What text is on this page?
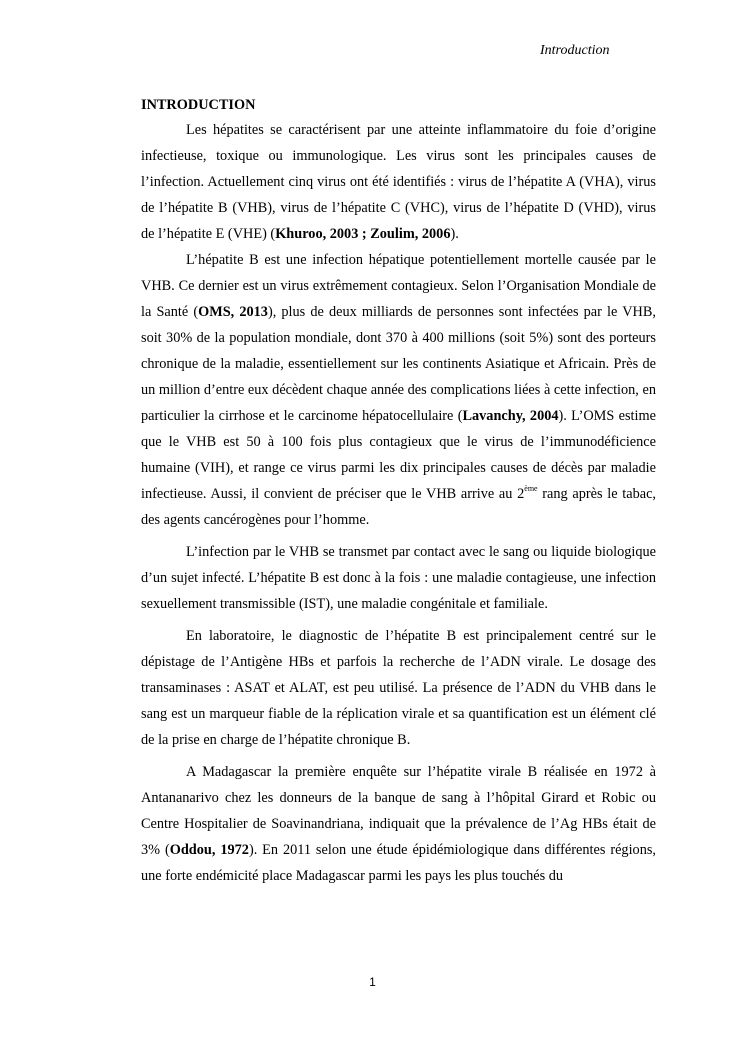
Introduction
INTRODUCTION

Les hépatites se caractérisent par une atteinte inflammatoire du foie d’origine infectieuse, toxique ou immunologique. Les virus sont les principales causes de l’infection. Actuellement cinq virus ont été identifiés : virus de l’hépatite A (VHA), virus de l’hépatite B (VHB), virus de l’hépatite C (VHC), virus de l’hépatite D (VHD), virus de l’hépatite E (VHE) (Khuroo, 2003 ; Zoulim, 2006).

L’hépatite B est une infection hépatique potentiellement mortelle causée par le VHB. Ce dernier est un virus extrêmement contagieux. Selon l’Organisation Mondiale de la Santé (OMS, 2013), plus de deux milliards de personnes sont infectées par le VHB, soit 30% de la population mondiale, dont 370 à 400 millions (soit 5%) sont des porteurs chronique de la maladie, essentiellement sur les continents Asiatique et Africain. Près de un million d’entre eux décèdent chaque année des complications liées à cette infection, en particulier la cirrhose et le carcinome hépatocellulaire (Lavanchy, 2004). L’OMS estime que le VHB est 50 à 100 fois plus contagieux que le virus de l’immunodéficience humaine (VIH), et range ce virus parmi les dix principales causes de décès par maladie infectieuse. Aussi, il convient de préciser que le VHB arrive au 2ème rang après le tabac, des agents cancérogènes pour l’homme.

L’infection par le VHB se transmet par contact avec le sang ou liquide biologique d’un sujet infecté. L’hépatite B est donc à la fois : une maladie contagieuse, une infection sexuellement transmissible (IST), une maladie congénitale et familiale.

En laboratoire, le diagnostic de l’hépatite B est principalement centré sur le dépistage de l’Antigène HBs et parfois la recherche de l’ADN virale. Le dosage des transaminases : ASAT et ALAT, est peu utilisé. La présence de l’ADN du VHB dans le sang est un marqueur fiable de la réplication virale et sa quantification est un élément clé de la prise en charge de l’hépatite chronique B.

A Madagascar la première enquête sur l’hépatite virale B réalisée en 1972 à Antananarivo chez les donneurs de la banque de sang à l’hôpital Girard et Robic ou Centre Hospitalier de Soavinandriana, indiquait que la prévalence de l’Ag HBs était de 3% (Oddou, 1972). En 2011 selon une étude épidémiologique dans différentes régions, une forte endémicité place Madagascar parmi les pays les plus touchés du

1
